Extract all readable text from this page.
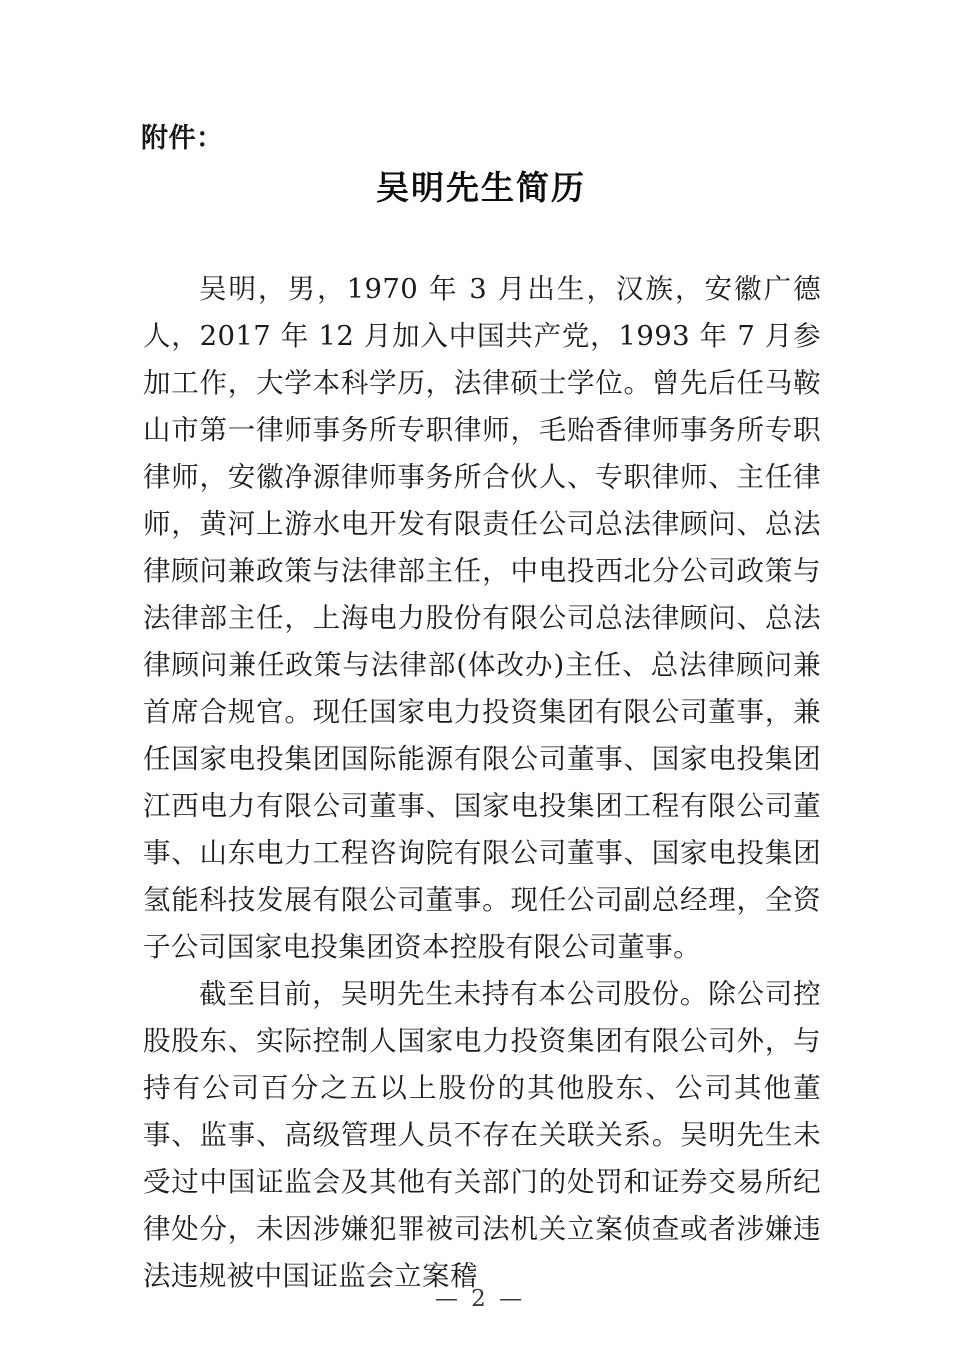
附件：
吴明先生简历

吴明，男，1970 年 3 月出生，汉族，安徽广德人，2017 年 12 月加入中国共产党，1993 年 7 月参加工作，大学本科学历，法律硕士学位。曾先后任马鞍山市第一律师事务所专职律师，毛贻香律师事务所专职律师，安徽净源律师事务所合伙人、专职律师、主任律师，黄河上游水电开发有限责任公司总法律顾问、总法律顾问兼政策与法律部主任，中电投西北分公司政策与法律部主任，上海电力股份有限公司总法律顾问、总法律顾问兼任政策与法律部(体改办)主任、总法律顾问兼首席合规官。现任国家电力投资集团有限公司董事，兼任国家电投集团国际能源有限公司董事、国家电投集团江西电力有限公司董事、国家电投集团工程有限公司董事、山东电力工程咨询院有限公司董事、国家电投集团氢能科技发展有限公司董事。现任公司副总经理，全资子公司国家电投集团资本控股有限公司董事。

截至目前，吴明先生未持有本公司股份。除公司控股股东、实际控制人国家电力投资集团有限公司外，与持有公司百分之五以上股份的其他股东、公司其他董事、监事、高级管理人员不存在关联关系。吴明先生未受过中国证监会及其他有关部门的处罚和证券交易所纪律处分，未因涉嫌犯罪被司法机关立案侦查或者涉嫌违法违规被中国证监会立案稽

— 2 —
